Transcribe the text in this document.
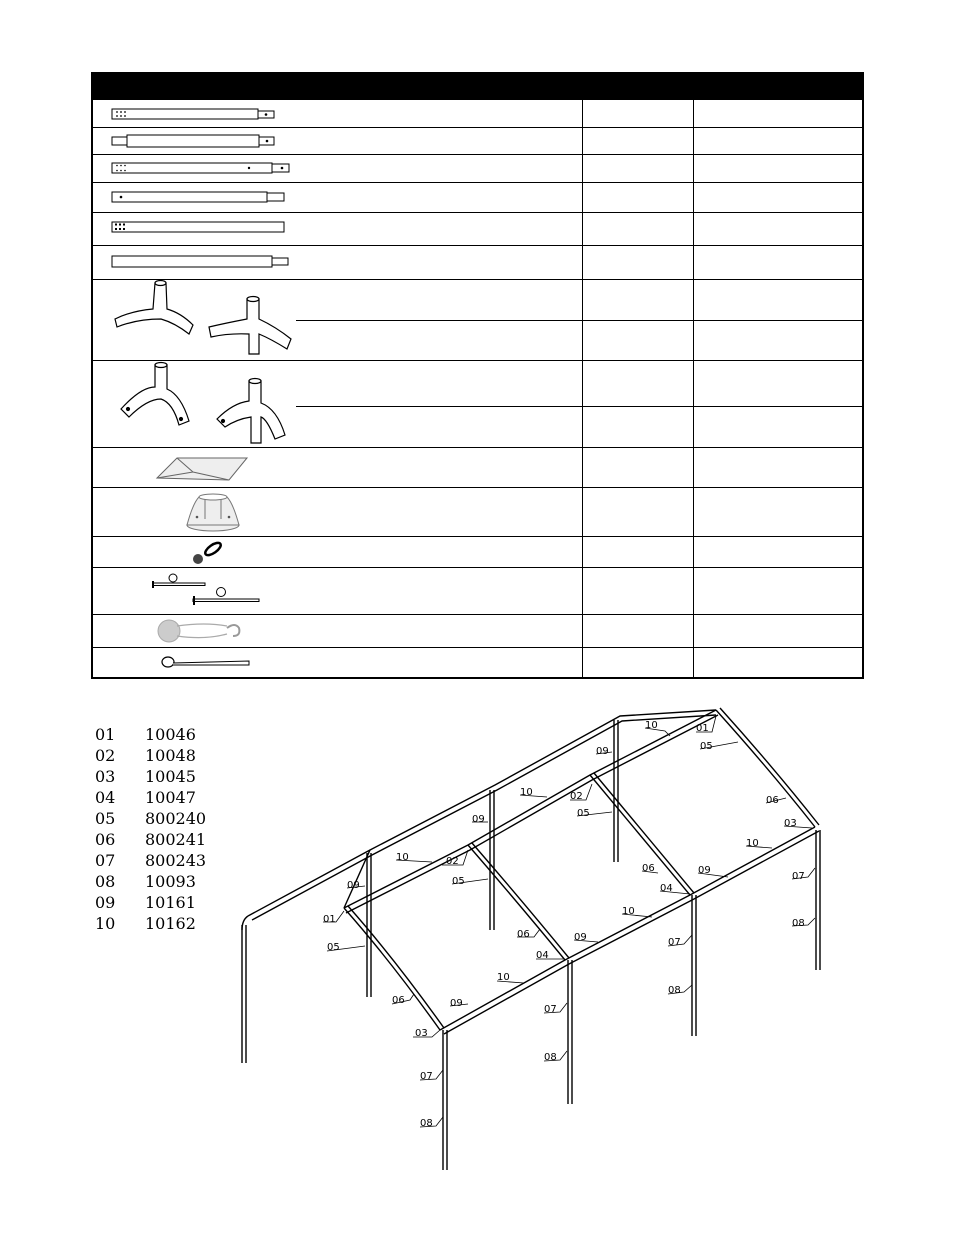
01 10046
02 10048
03 10045
04 10047
05 800240
06 800241
07 800243
08 10093
09 10161
10 10162
10	01
09	05
10	02
05
06
03
09
10	02
05
09
10
06	09
07
04
01
10
08
05
06	09	07
04
10
08
06	09
03
07
08
07
08
